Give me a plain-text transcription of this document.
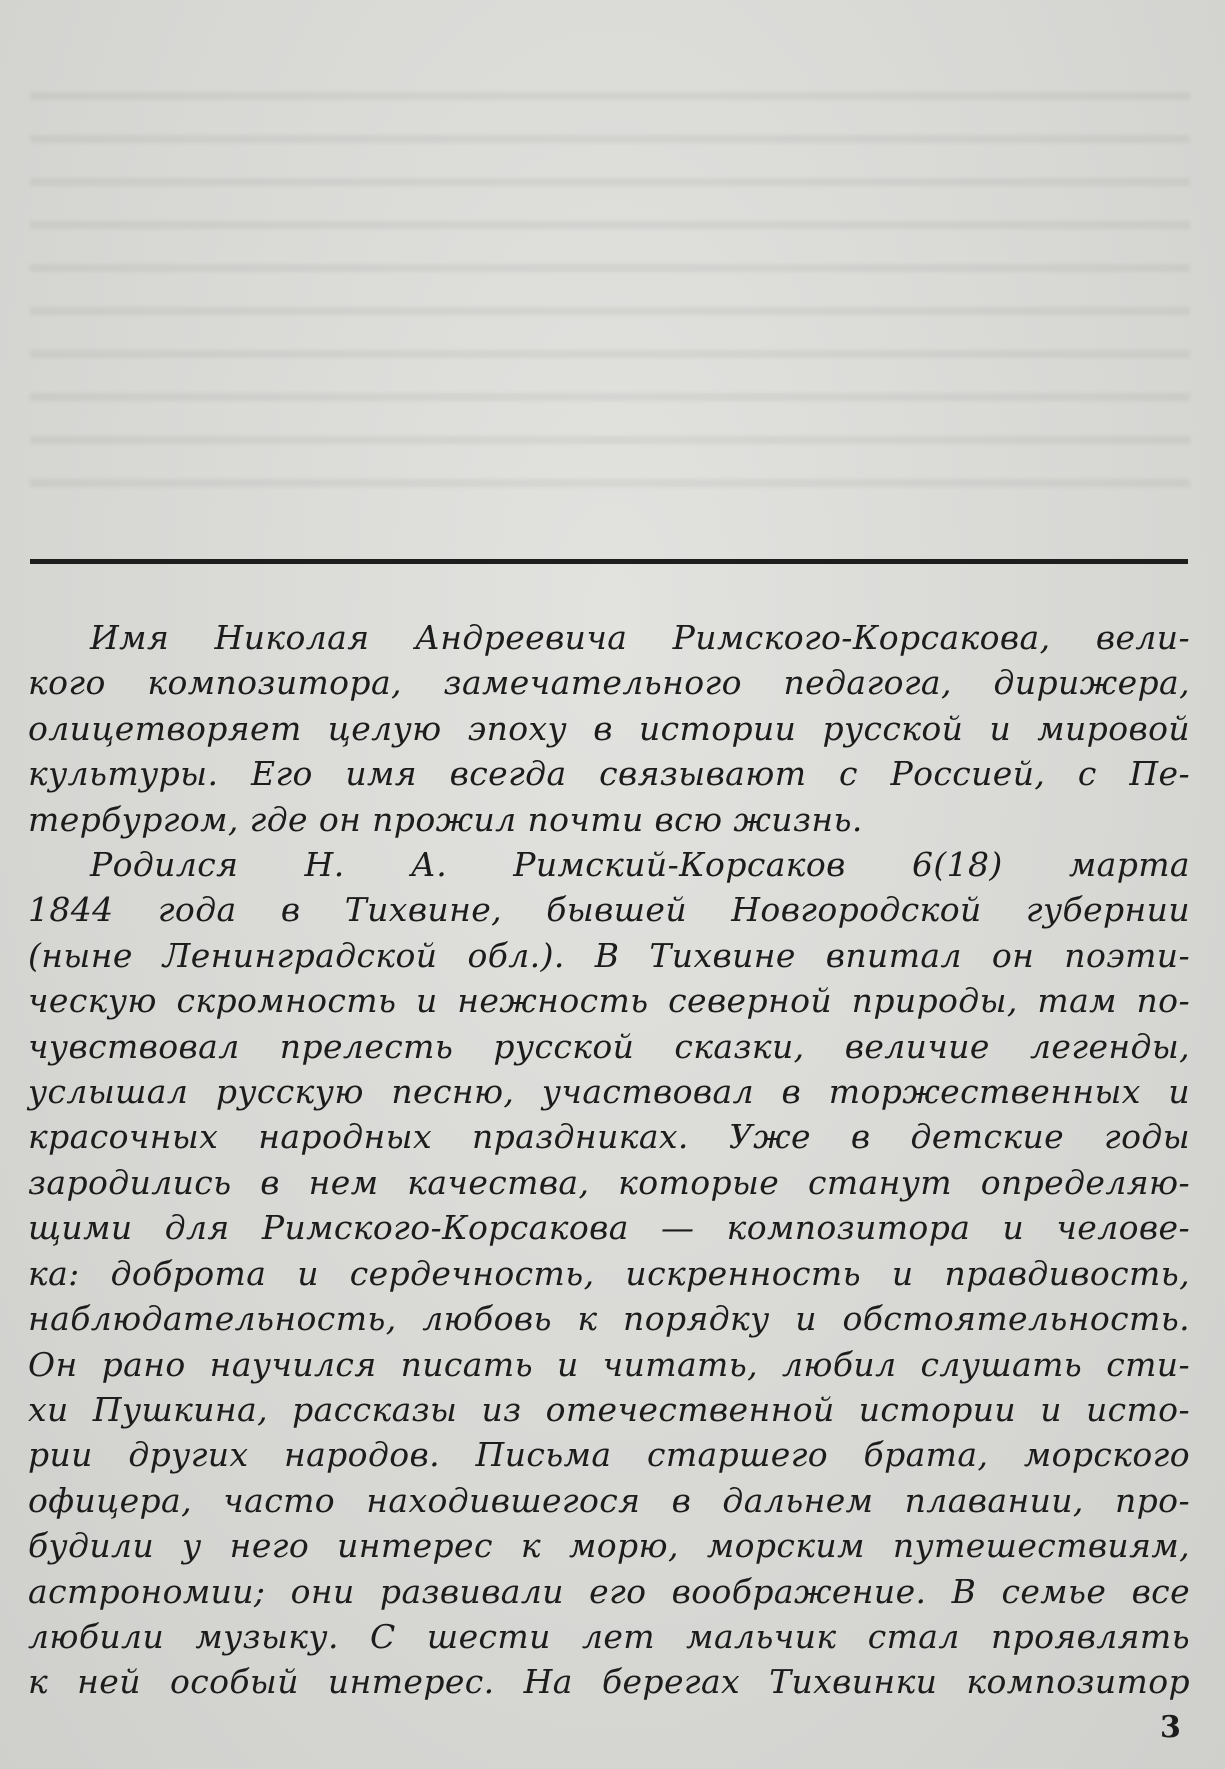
Имя Николая Андреевича Римского-Корсакова, вели-
кого композитора, замечательного педагога, дирижера,
олицетворяет целую эпоху в истории русской и мировой
культуры. Его имя всегда связывают с Россией, с Пе-
тербургом, где он прожил почти всю жизнь.
Родился Н. А. Римский-Корсаков 6(18) марта
1844 года в Тихвине, бывшей Новгородской губернии
(ныне Ленинградской обл.). В Тихвине впитал он поэти-
ческую скромность и нежность северной природы, там по-
чувствовал прелесть русской сказки, величие легенды,
услышал русскую песню, участвовал в торжественных и
красочных народных праздниках. Уже в детские годы
зародились в нем качества, которые станут определяю-
щими для Римского-Корсакова — композитора и челове-
ка: доброта и сердечность, искренность и правдивость,
наблюдательность, любовь к порядку и обстоятельность.
Он рано научился писать и читать, любил слушать сти-
хи Пушкина, рассказы из отечественной истории и исто-
рии других народов. Письма старшего брата, морского
офицера, часто находившегося в дальнем плавании, про-
будили у него интерес к морю, морским путешествиям,
астрономии; они развивали его воображение. В семье все
любили музыку. С шести лет мальчик стал проявлять
к ней особый интерес. На берегах Тихвинки композитор
3
